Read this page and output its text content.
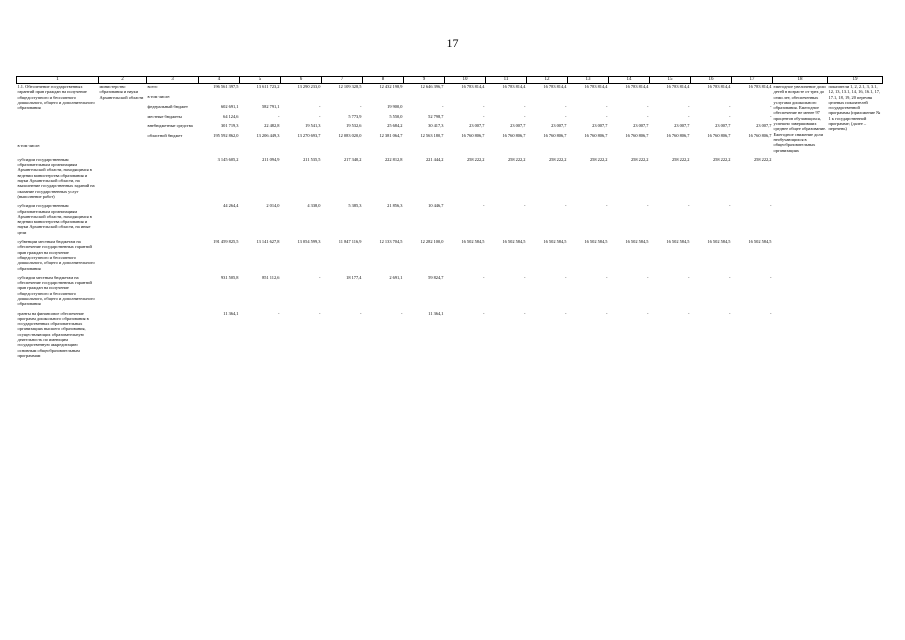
17
1	2	3	4	5	6	7	8	9	10	11	12	13	14	15	16	17	18	19
1.1. Обеспечение государственных гарантий прав граждан на получение общедоступного и бесплатного дошкольного, общего и дополнительного образования	министерство образования и науки Архангельской области	всего	196 561 397,5	13 611 723,2	13 290 233,0	12 109 328,5	12 432 198,9	12 646 396,7	16 783 814,4	16 783 814,4	16 783 814,4	16 783 814,4	16 783 814,4	16 783 814,4	16 783 814,4	16 783 814,4	ежегодное увеличение доли детей в возрасте от трех до семи лет, обеспеченных услугами дошкольного образования. Ежегодное обеспечение не менее 97 процентов обучающихся, успешно завершивших среднее общее образование. Ежегодное снижение доли необучающихся в общеобразовательных организациях	показатели 1, 2, 2.1, 3, 3.1, 12, 13, 13.1, 14, 16, 16.1, 17, 17.1, 18, 19, 20 перечня целевых показателей государственной программы (приложение № 1 к государственной программе; (далее – перечень)
		в том числе:																
		федеральный бюджет	602 691,1	582 791,1	-	-	19 900,0	-	-	-	-	-	-	-	-	-		
		местные бюджеты	64 124,6	-	-	5 773,9	5 550,0	52 798,7	-	-	-	-	-	-	-	-		
		внебюджетные средства	301 719,3	22 482,8	19 541,3	19 532,6	25 684,2	30 417,3	23 007,7	23 007,7	23 007,7	23 007,7	23 007,7	23 007,7	23 007,7	23 007,7		
		областной бюджет	195 592 862,0	13 206 449,3	13 270 693,7	12 083 020,0	12 381 064,7	12 563 180,7	16 760 806,7	16 760 806,7	16 760 806,7	16 760 806,7	16 760 806,7	16 760 806,7	16 760 806,7	16 760 806,7		
в том числе:																		

субсидии государственным образовательным организациям Архангельской области, находящимся в ведении министерства образования и науки Архангельской области, на выполнение государственных заданий на оказание государственных услуг (выполнение работ)			3 145 605,2	211 094,9	211 535,5	217 340,2	222 812,8	221 444,2	258 222,2	258 222,2	258 222,2	258 222,2	258 222,2	258 222,2	258 222,2	258 222,2		

субсидии государственным образовательным организациям Архангельской области, находящимся в ведении министерства образования и науки Архангельской области, на иные цели			44 264,4	2 014,0	4 338,0	5 385,3	21 856,3	10 446,7	-	-	-	-	-	-	-	-		

субвенции местным бюджетам на обеспечение государственных гарантий прав граждан на получение общедоступного и бесплатного дошкольного, общего и дополнительного образования			191 459 825,5	13 141 627,8	13 054 599,3	11 847 116,9	12 133 704,5	12 282 100,0	16 502 584,5	16 502 584,5	16 502 584,5	16 502 584,5	16 502 584,5	16 502 584,5	16 502 584,5	16 502 584,5		

субсидии местным бюджетам на обеспечение государственных гарантий прав граждан на получение общедоступного и бесплатного дошкольного, общего и дополнительного образования			931 505,8	851 112,6	-	18 177,4	2 691,1	59 824,7	-	-	-	-	-	-	-	-		

гранты на финансовое обеспечение программ дошкольного образования в государственных образовательных организациях высшего образования, осуществляющих образовательную деятельность по имеющим государственную аккредитацию основным общеобразовательным программам			11 364,1	-	-	-	-	11 364,1	-	-	-	-	-	-	-	-		
